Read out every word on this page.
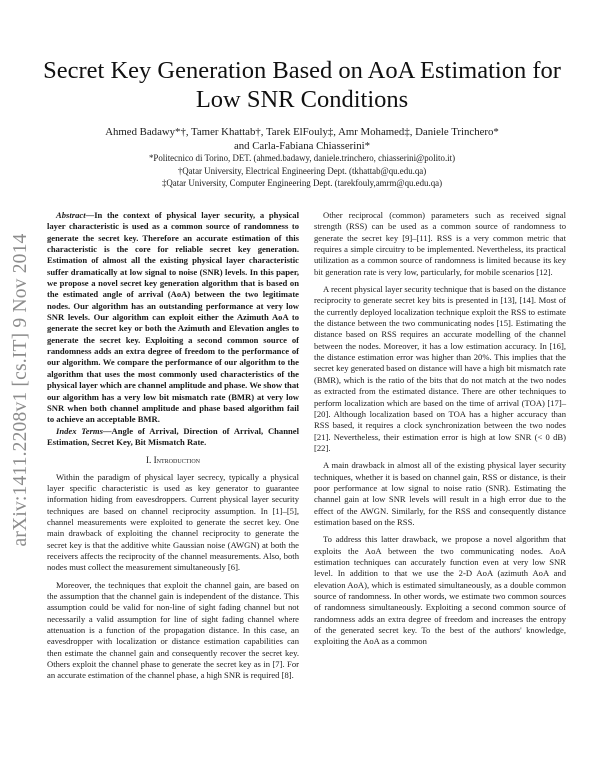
arXiv:1411.2208v1 [cs.IT] 9 Nov 2014
Secret Key Generation Based on AoA Estimation for Low SNR Conditions
Ahmed Badawy*†, Tamer Khattab†, Tarek ElFouly‡, Amr Mohamed‡, Daniele Trinchero*
and Carla-Fabiana Chiasserini*
*Politecnico di Torino, DET. (ahmed.badawy, daniele.trinchero, chiasserini@polito.it)
†Qatar University, Electrical Engineering Dept. (tkhattab@qu.edu.qa)
‡Qatar University, Computer Engineering Dept. (tarekfouly,amrm@qu.edu.qa)

Abstract—In the context of physical layer security, a physical layer characteristic is used as a common source of randomness to generate the secret key. Therefore an accurate estimation of this characteristic is the core for reliable secret key generation. Estimation of almost all the existing physical layer characteristic suffer dramatically at low signal to noise (SNR) levels. In this paper, we propose a novel secret key generation algorithm that is based on the estimated angle of arrival (AoA) between the two legitimate nodes. Our algorithm has an outstanding performance at very low SNR levels. Our algorithm can exploit either the Azimuth AoA to generate the secret key or both the Azimuth and Elevation angles to generate the secret key. Exploiting a second common source of randomness adds an extra degree of freedom to the performance of our algorithm. We compare the performance of our algorithm to the algorithm that uses the most commonly used characteristics of the physical layer which are channel amplitude and phase. We show that our algorithm has a very low bit mismatch rate (BMR) at very low SNR when both channel amplitude and phase based algorithm fail to achieve an acceptable BMR.

Index Terms—Angle of Arrival, Direction of Arrival, Channel Estimation, Secret Key, Bit Mismatch Rate.

I. Introduction

Within the paradigm of physical layer secrecy, typically a physical layer specific characteristic is used as key generator to guarantee information hiding from eavesdroppers. Current physical layer security techniques are based on channel reciprocity assumption. In [1]–[5], channel measurements were exploited to generate the secret key. One main drawback of exploiting the channel reciprocity to generate the secret key is that the additive white Gaussian noise (AWGN) at both the receivers affects the reciprocity of the channel measurements. Also, both nodes must collect the measurement simultaneously [6].

Moreover, the techniques that exploit the channel gain, are based on the assumption that the channel gain is independent of the distance. This assumption could be valid for non-line of sight fading channel but not necessarily a valid assumption for line of sight fading channel where attenuation is a function of the propagation distance. In this case, an eavesdropper with localization or distance estimation capabilities can then estimate the channel gain and consequently recover the secret key. Others exploit the channel phase to generate the secret key as in [7]. For an accurate estimation of the channel phase, a high SNR is required [8].

Other reciprocal (common) parameters such as received signal strength (RSS) can be used as a common source of randomness to generate the secret key [9]–[11]. RSS is a very common metric that requires a simple circuitry to be implemented. Nevertheless, its practical utilization as a common source of randomness is limited because its key bit generation rate is very low, particularly, for mobile scenarios [12].

A recent physical layer security technique that is based on the distance reciprocity to generate secret key bits is presented in [13], [14]. Most of the currently deployed localization technique exploit the RSS to estimate the distance between the two communicating nodes [15]. Estimating the distance based on RSS requires an accurate modelling of the channel between the nodes. Moreover, it has a low estimation accuracy. In [16], the distance estimation error was higher than 20%. This implies that the secret key generated based on distance will have a high bit mismatch rate (BMR), which is the ratio of the bits that do not match at the two nodes as extracted from the estimated distance. There are other techniques to perform localization which are based on the time of arrival (TOA) [17]–[20]. Although localization based on TOA has a higher accuracy than RSS based, it requires a clock synchronization between the two nodes [21]. Nevertheless, their estimation error is high at low SNR (< 0 dB) [22].

A main drawback in almost all of the existing physical layer security techniques, whether it is based on channel gain, RSS or distance, is their poor performance at low signal to noise ratio (SNR). Estimating the channel gain at low SNR levels will result in a high error due to the effect of the AWGN. Similarly, for the RSS and consequently distance estimation based on the RSS.

To address this latter drawback, we propose a novel algorithm that exploits the AoA between the two communicating nodes. AoA estimation techniques can accurately function even at very low SNR level. In addition to that we use the 2-D AoA (azimuth AoA and elevation AoA), which is estimated simultaneously, as a double common source of randomness. In other words, we estimate two common sources of randomness simultaneously. Exploiting a second common source of randomness adds an extra degree of freedom and increases the entropy of the generated secret key. To the best of the authors' knowledge, exploiting the AoA as a common
